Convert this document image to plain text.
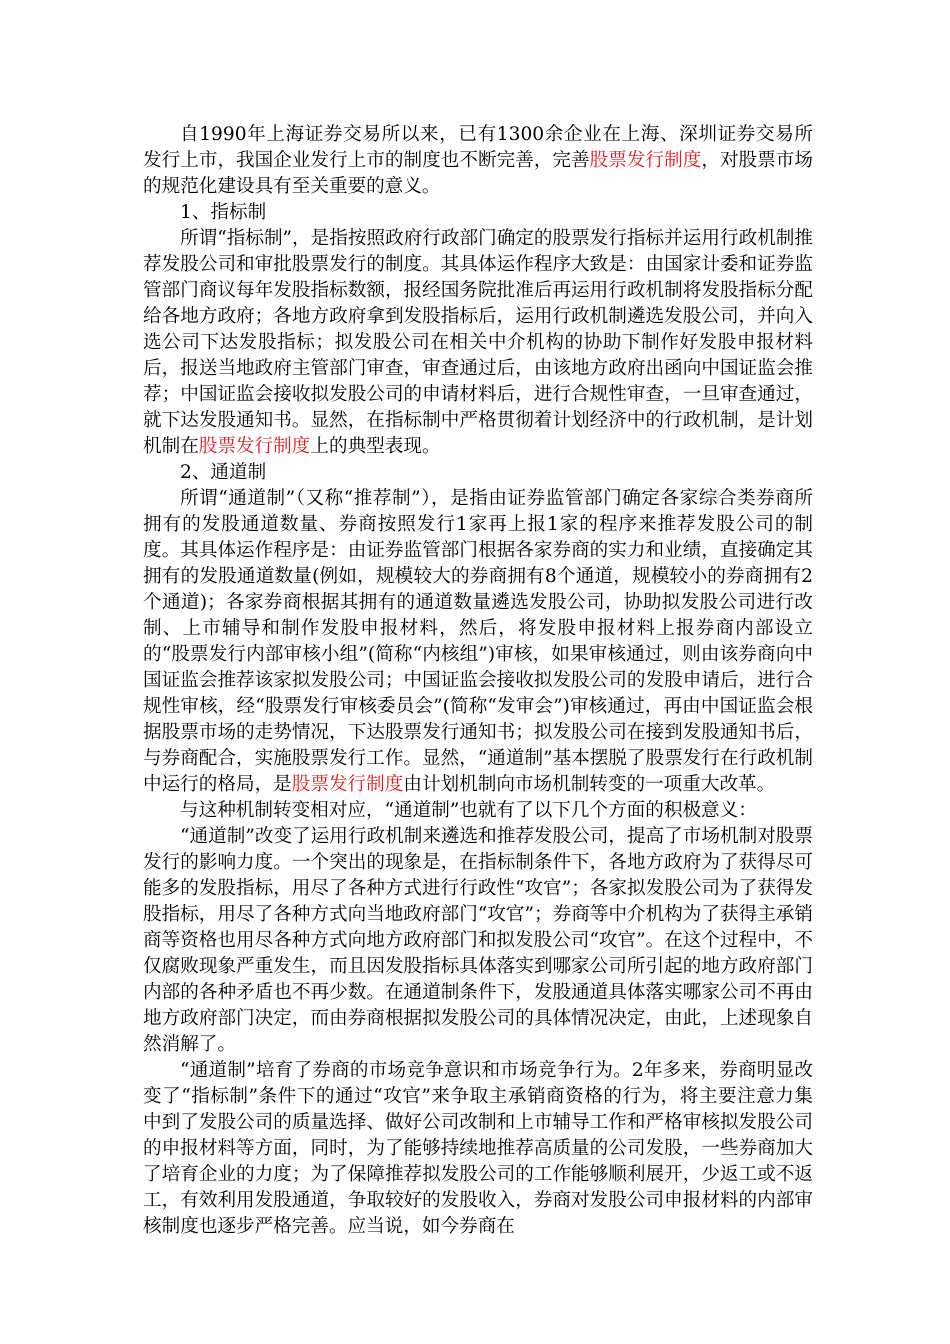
自1990年上海证券交易所以来，已有1300余企业在上海、深圳证券交易所发行上市，我国企业发行上市的制度也不断完善，完善股票发行制度，对股票市场的规范化建设具有至关重要的意义。

1、指标制

所谓“指标制”，是指按照政府行政部门确定的股票发行指标并运用行政机制推荐发股公司和审批股票发行的制度。其具体运作程序大致是：由国家计委和证券监管部门商议每年发股指标数额，报经国务院批准后再运用行政机制将发股指标分配给各地方政府；各地方政府拿到发股指标后，运用行政机制遴选发股公司，并向入选公司下达发股指标；拟发股公司在相关中介机构的协助下制作好发股申报材料后，报送当地政府主管部门审查，审查通过后，由该地方政府出函向中国证监会推荐；中国证监会接收拟发股公司的申请材料后，进行合规性审查，一旦审查通过，就下达发股通知书。显然，在指标制中严格贯彻着计划经济中的行政机制，是计划机制在股票发行制度上的典型表现。

2、通道制

所谓“通道制”（又称“推荐制”），是指由证券监管部门确定各家综合类券商所拥有的发股通道数量、券商按照发行1家再上报1家的程序来推荐发股公司的制度。其具体运作程序是：由证券监管部门根据各家券商的实力和业绩，直接确定其拥有的发股通道数量(例如，规模较大的券商拥有8个通道，规模较小的券商拥有2个通道)；各家券商根据其拥有的通道数量遴选发股公司，协助拟发股公司进行改制、上市辅导和制作发股申报材料，然后，将发股申报材料上报券商内部设立的“股票发行内部审核小组”(简称“内核组”)审核，如果审核通过，则由该券商向中国证监会推荐该家拟发股公司；中国证监会接收拟发股公司的发股申请后，进行合规性审核，经“股票发行审核委员会”(简称“发审会”)审核通过，再由中国证监会根据股票市场的走势情况，下达股票发行通知书；拟发股公司在接到发股通知书后，与券商配合，实施股票发行工作。显然，“通道制”基本摆脱了股票发行在行政机制中运行的格局，是股票发行制度由计划机制向市场机制转变的一项重大改革。

与这种机制转变相对应，“通道制”也就有了以下几个方面的积极意义：

“通道制”改变了运用行政机制来遴选和推荐发股公司，提高了市场机制对股票发行的影响力度。一个突出的现象是，在指标制条件下，各地方政府为了获得尽可能多的发股指标，用尽了各种方式进行行政性“攻官”；各家拟发股公司为了获得发股指标，用尽了各种方式向当地政府部门“攻官”；券商等中介机构为了获得主承销商等资格也用尽各种方式向地方政府部门和拟发股公司“攻官”。在这个过程中，不仅腐败现象严重发生，而且因发股指标具体落实到哪家公司所引起的地方政府部门内部的各种矛盾也不再少数。在通道制条件下，发股通道具体落实哪家公司不再由地方政府部门决定，而由券商根据拟发股公司的具体情况决定，由此，上述现象自然消解了。

“通道制”培育了券商的市场竞争意识和市场竞争行为。2年多来，券商明显改变了“指标制”条件下的通过“攻官”来争取主承销商资格的行为，将主要注意力集中到了发股公司的质量选择、做好公司改制和上市辅导工作和严格审核拟发股公司的申报材料等方面，同时，为了能够持续地推荐高质量的公司发股，一些券商加大了培育企业的力度；为了保障推荐拟发股公司的工作能够顺利展开，少返工或不返工，有效利用发股通道，争取较好的发股收入，券商对发股公司申报材料的内部审核制度也逐步严格完善。应当说，如今券商在
